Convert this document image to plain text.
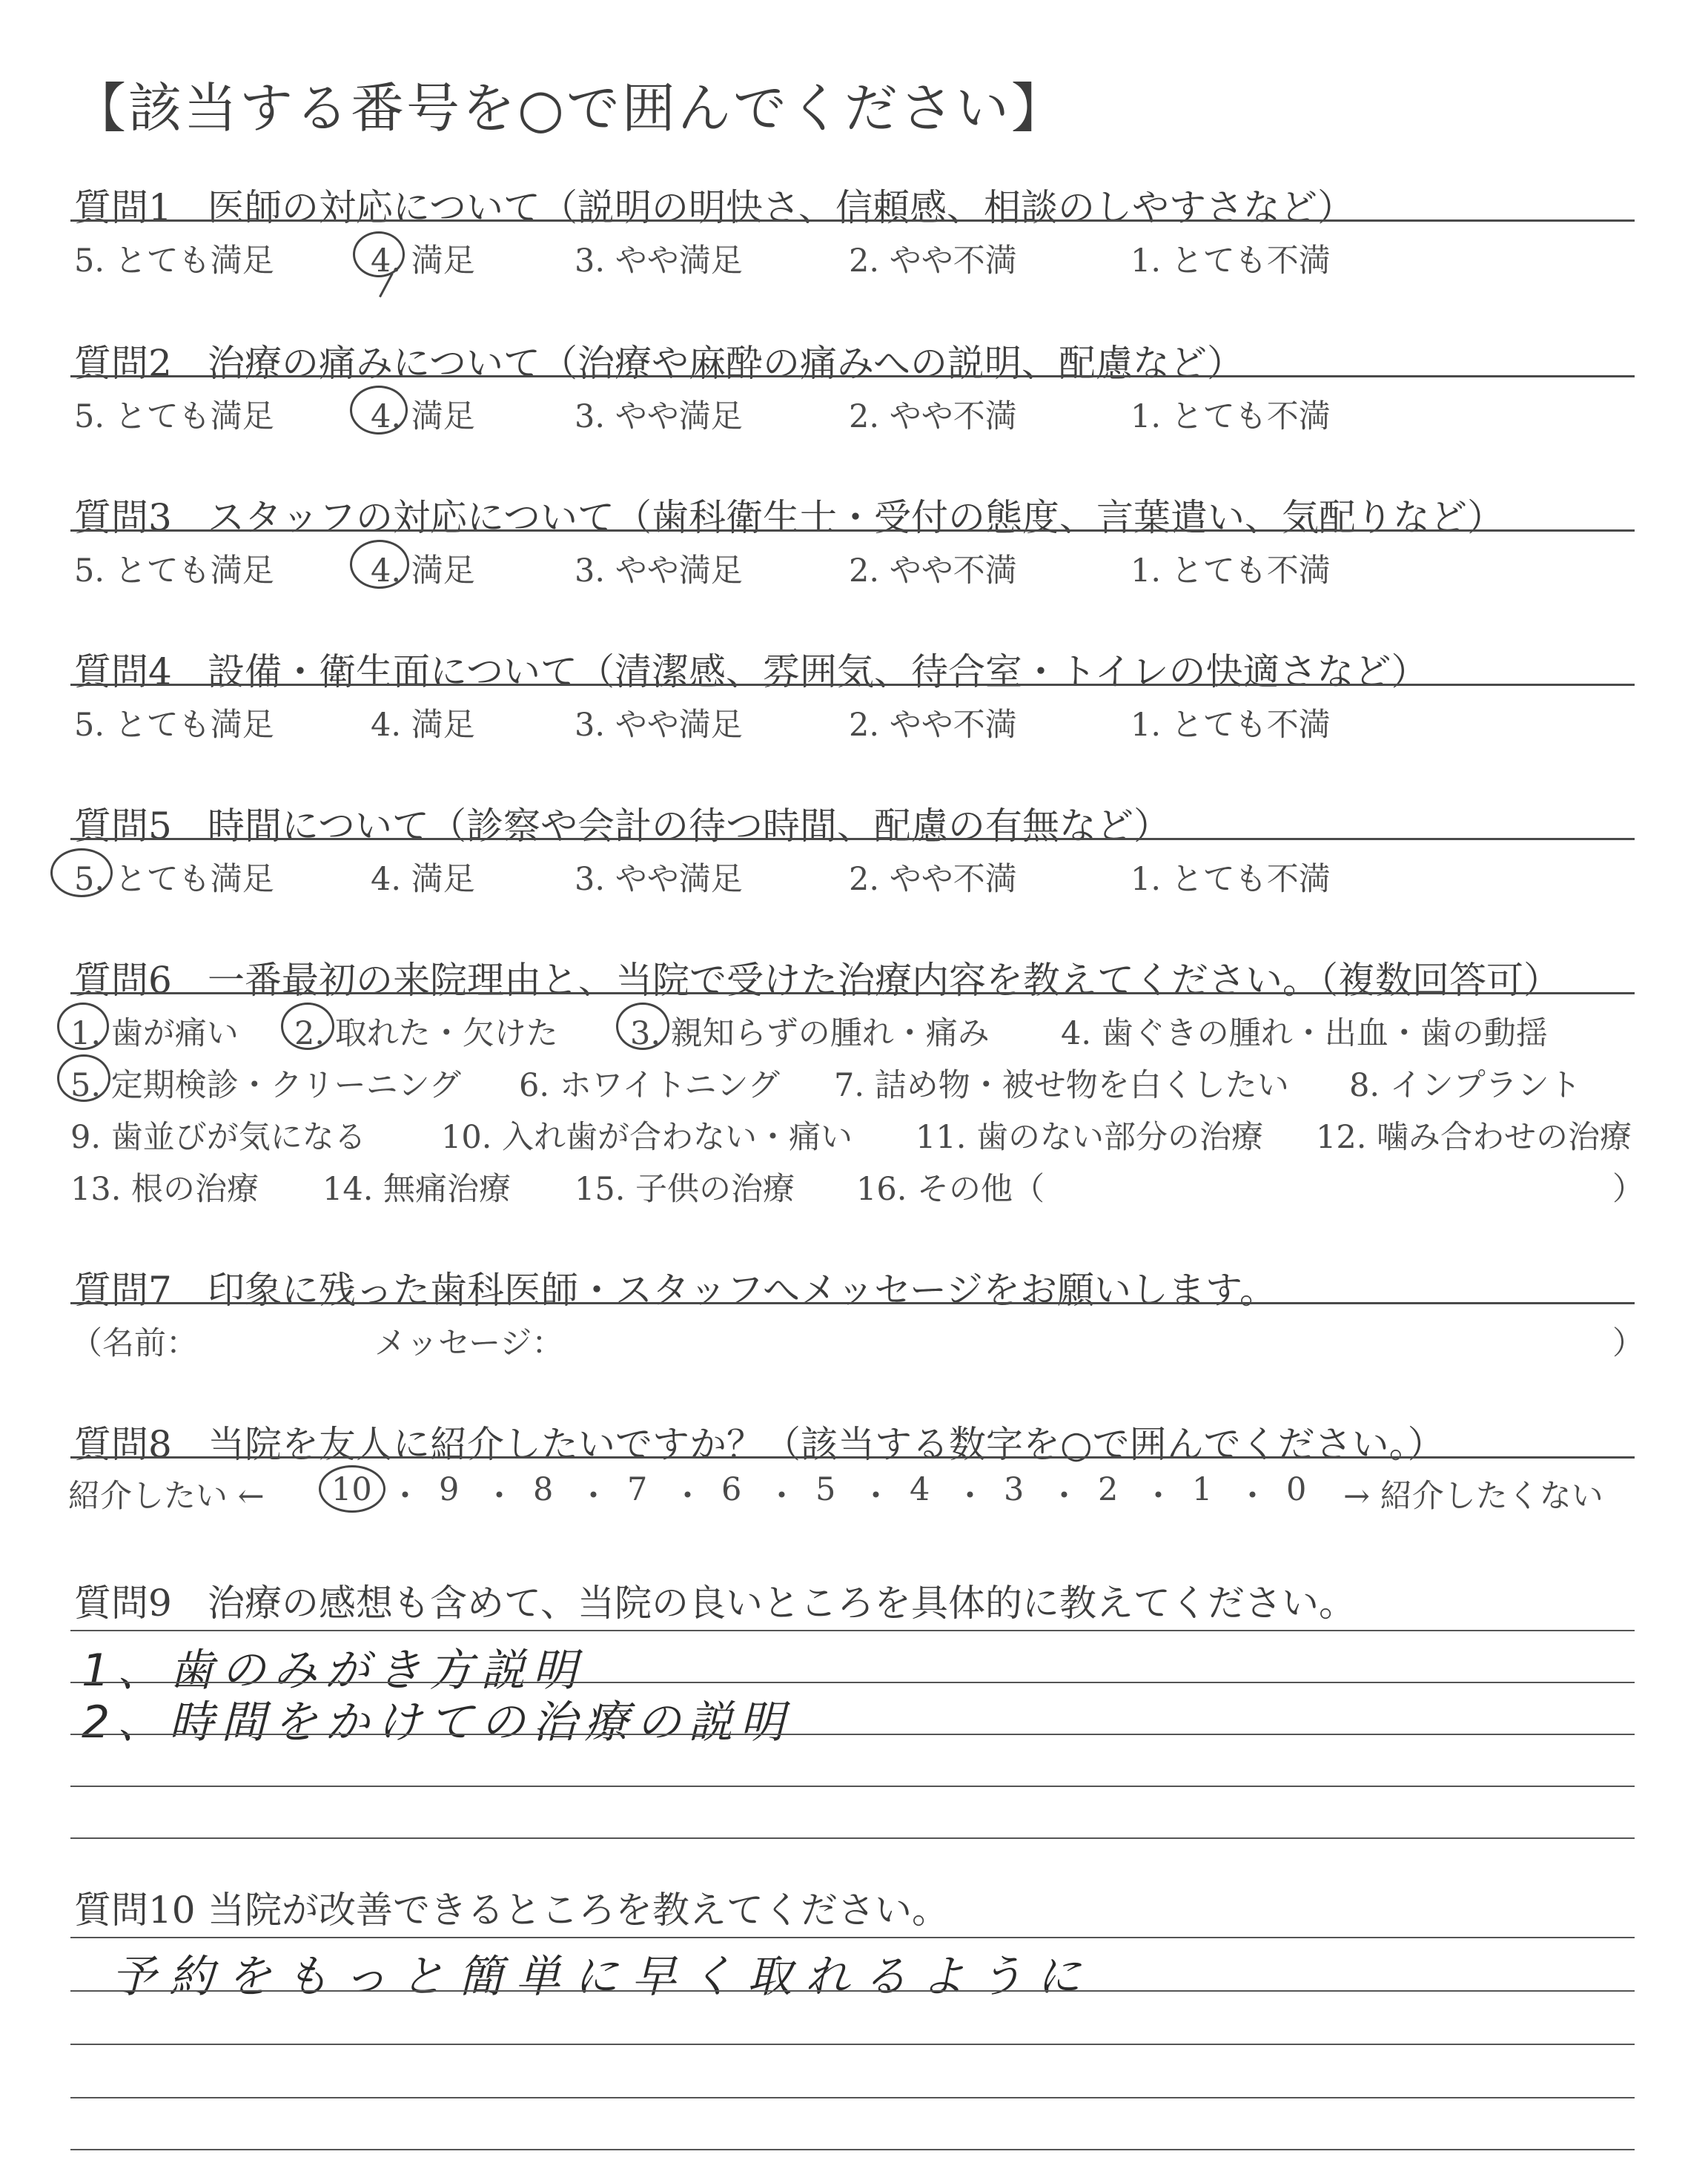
【該当する番号を○で囲んでください】
質問1 医師の対応について（説明の明快さ、信頼感、相談のしやすさなど）
5. とても満足	4. 満足	3. やや満足	2. やや不満	1. とても不満
質問2 治療の痛みについて（治療や麻酔の痛みへの説明、配慮など）
5. とても満足	4. 満足	3. やや満足	2. やや不満	1. とても不満
質問3 スタッフの対応について（歯科衛生士・受付の態度、言葉遣い、気配りなど）
5. とても満足	4. 満足	3. やや満足	2. やや不満	1. とても不満
質問4 設備・衛生面について（清潔感、雰囲気、待合室・トイレの快適さなど）
5. とても満足	4. 満足	3. やや満足	2. やや不満	1. とても不満
質問5 時間について（診察や会計の待つ時間、配慮の有無など）
5. とても満足	4. 満足	3. やや満足	2. やや不満	1. とても不満
質問6 一番最初の来院理由と、当院で受けた治療内容を教えてください。（複数回答可）
1. 歯が痛い 2. 取れた・欠けた 3. 親知らずの腫れ・痛み 4. 歯ぐきの腫れ・出血・歯の動揺
5. 定期検診・クリーニング 6. ホワイトニング 7. 詰め物・被せ物を白くしたい 8. インプラント
9. 歯並びが気になる 10. 入れ歯が合わない・痛い 11. 歯のない部分の治療 12. 噛み合わせの治療
13. 根の治療 14. 無痛治療 15. 子供の治療 16. その他（	）
質問7 印象に残った歯科医師・スタッフへメッセージをお願いします。
（名前：	メッセージ：	）
質問8 当院を友人に紹介したいですか？（該当する数字を○で囲んでください。）
紹介したい ← 10 ・ 9 ・ 8 ・ 7 ・ 6 ・ 5 ・ 4 ・ 3 ・ 2 ・ 1 ・ 0 → 紹介したくない
質問9 治療の感想も含めて、当院の良いところを具体的に教えてください。
1、歯のみがき方説明
2、時間をかけての治療の説明
質問10 当院が改善できるところを教えてください。
予約をもっと簡単に早く取れるように
